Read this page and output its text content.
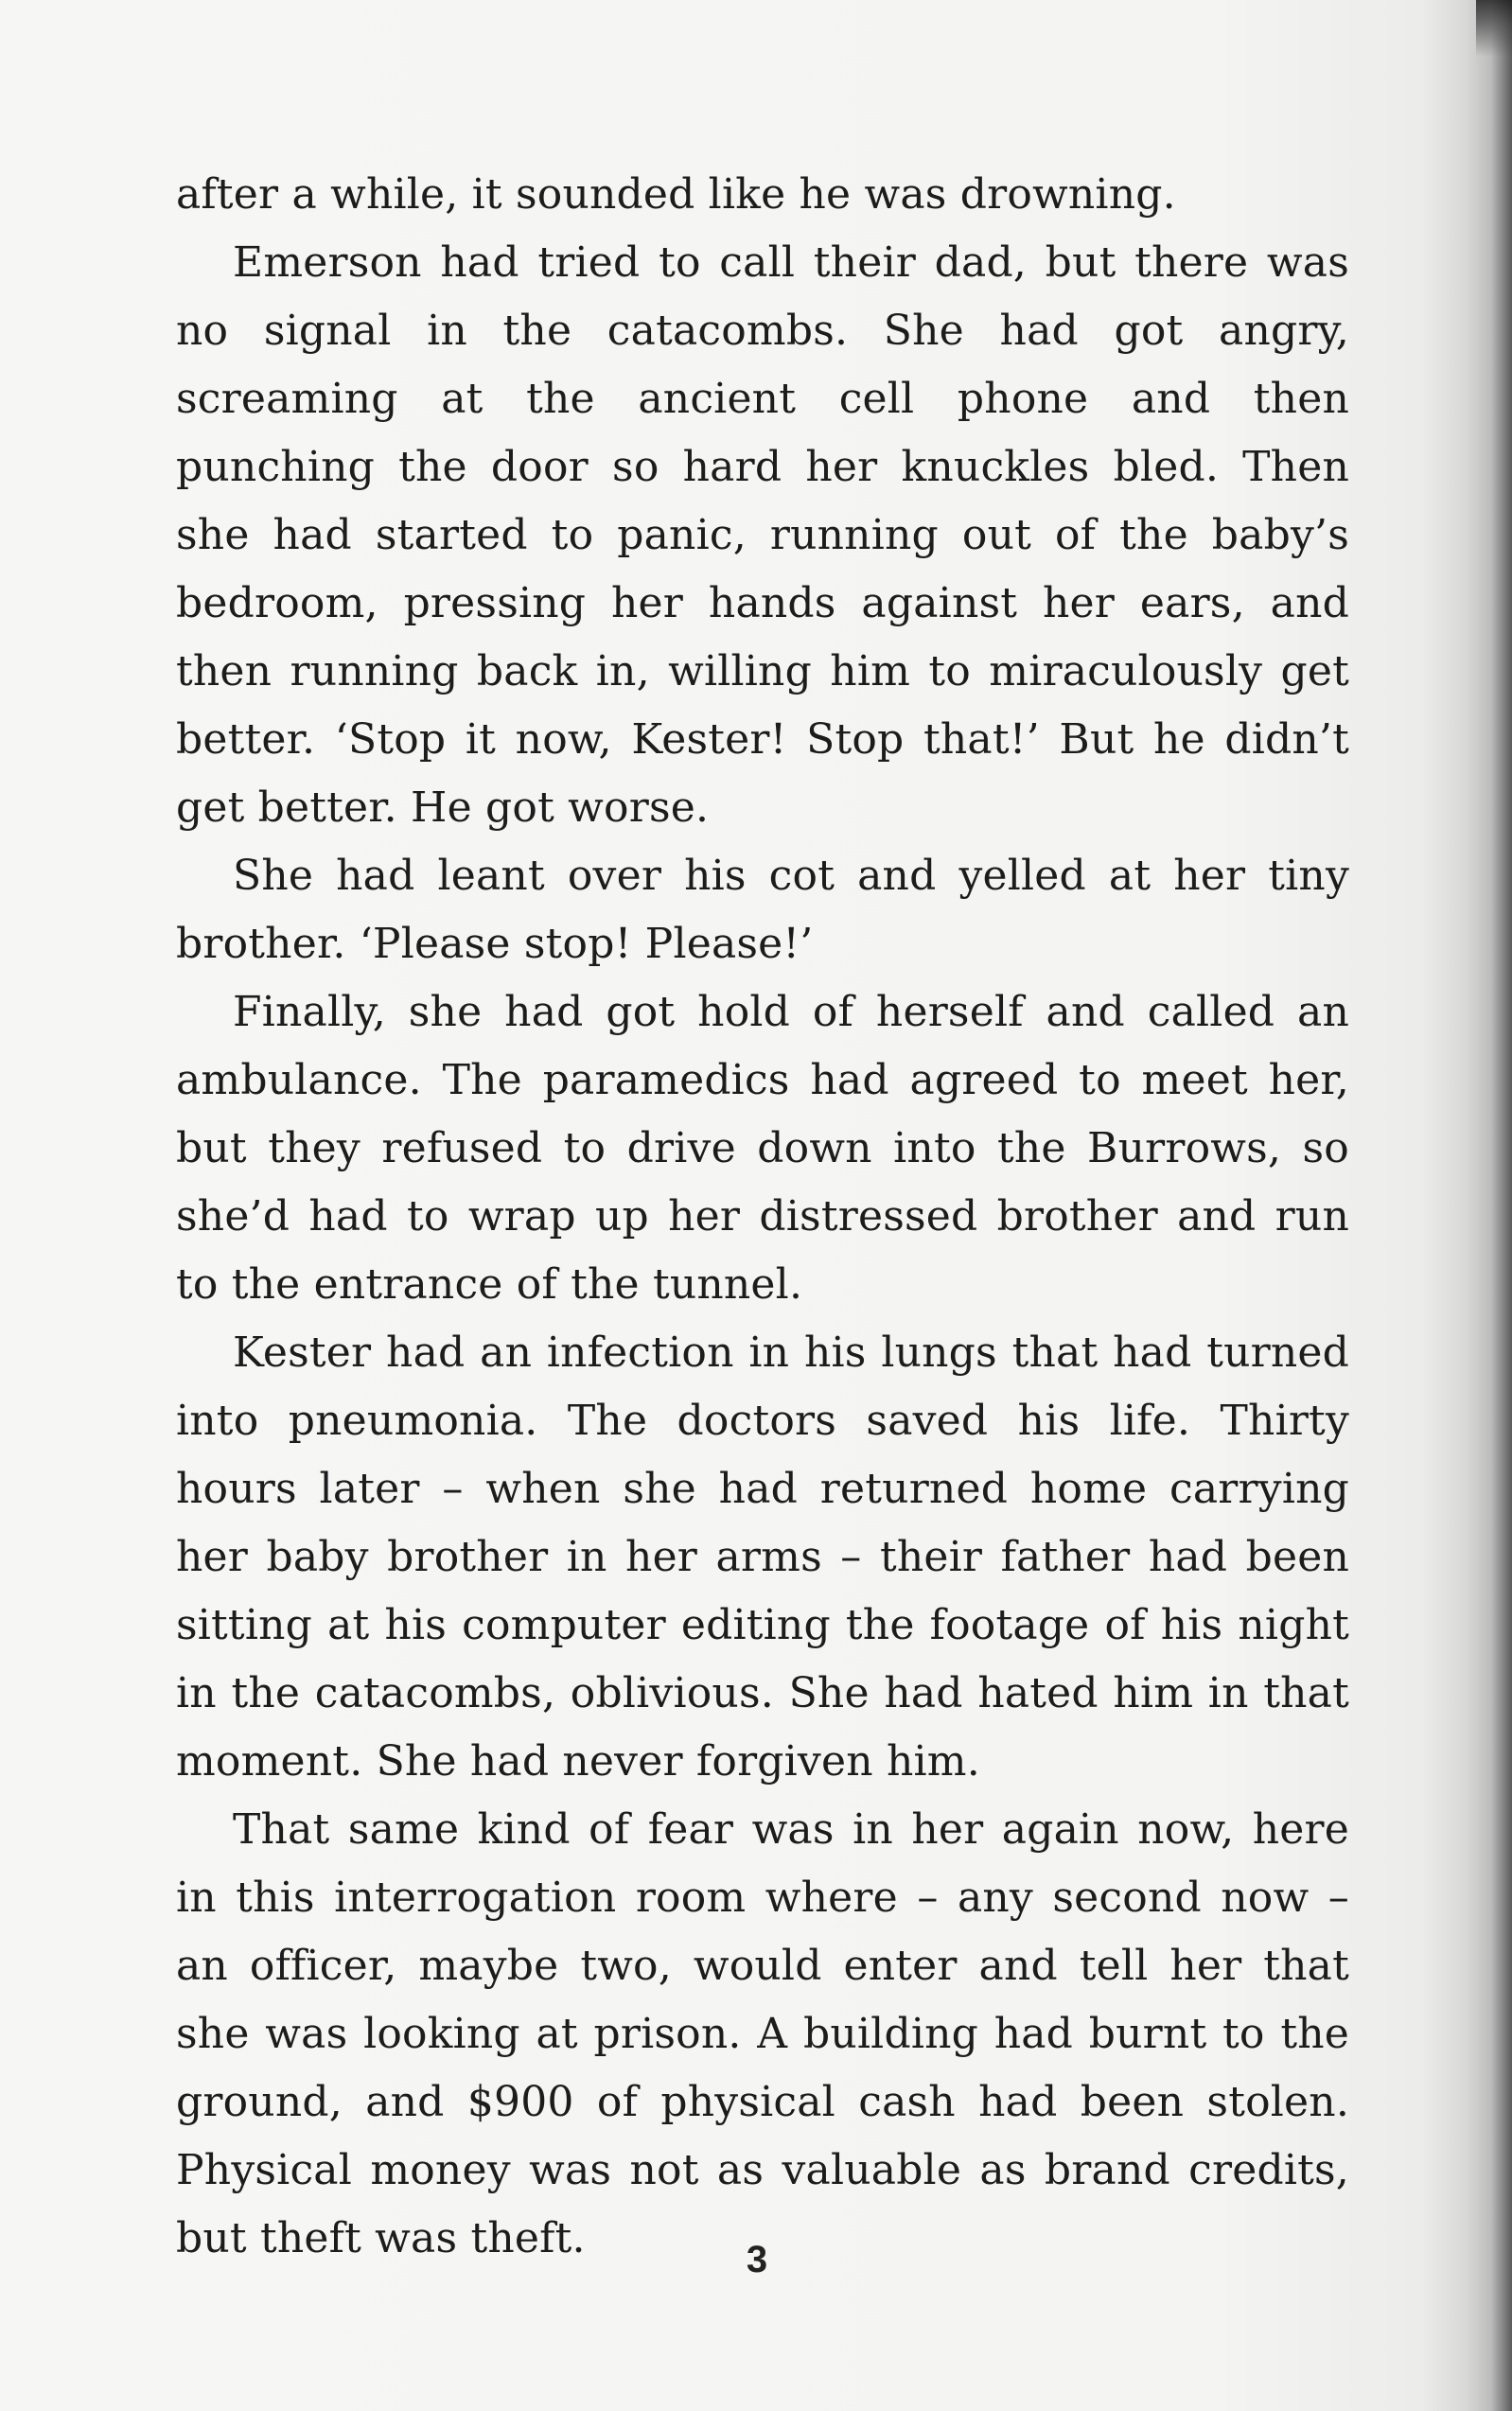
after a while, it sounded like he was drowning.

Emerson had tried to call their dad, but there was no signal in the catacombs. She had got angry, screaming at the ancient cell phone and then punching the door so hard her knuckles bled. Then she had started to panic, running out of the baby’s bedroom, pressing her hands against her ears, and then running back in, willing him to miraculously get better. ‘Stop it now, Kester! Stop that!’ But he didn’t get better. He got worse.

She had leant over his cot and yelled at her tiny brother. ‘Please stop! Please!’

Finally, she had got hold of herself and called an ambulance. The paramedics had agreed to meet her, but they refused to drive down into the Burrows, so she’d had to wrap up her distressed brother and run to the entrance of the tunnel.

Kester had an infection in his lungs that had turned into pneumonia. The doctors saved his life. Thirty hours later – when she had returned home carrying her baby brother in her arms – their father had been sitting at his computer editing the footage of his night in the catacombs, oblivious. She had hated him in that moment. She had never forgiven him.

That same kind of fear was in her again now, here in this interrogation room where – any second now – an officer, maybe two, would enter and tell her that she was looking at prison. A building had burnt to the ground, and $900 of physical cash had been stolen. Physical money was not as valuable as brand credits, but theft was theft.	3
